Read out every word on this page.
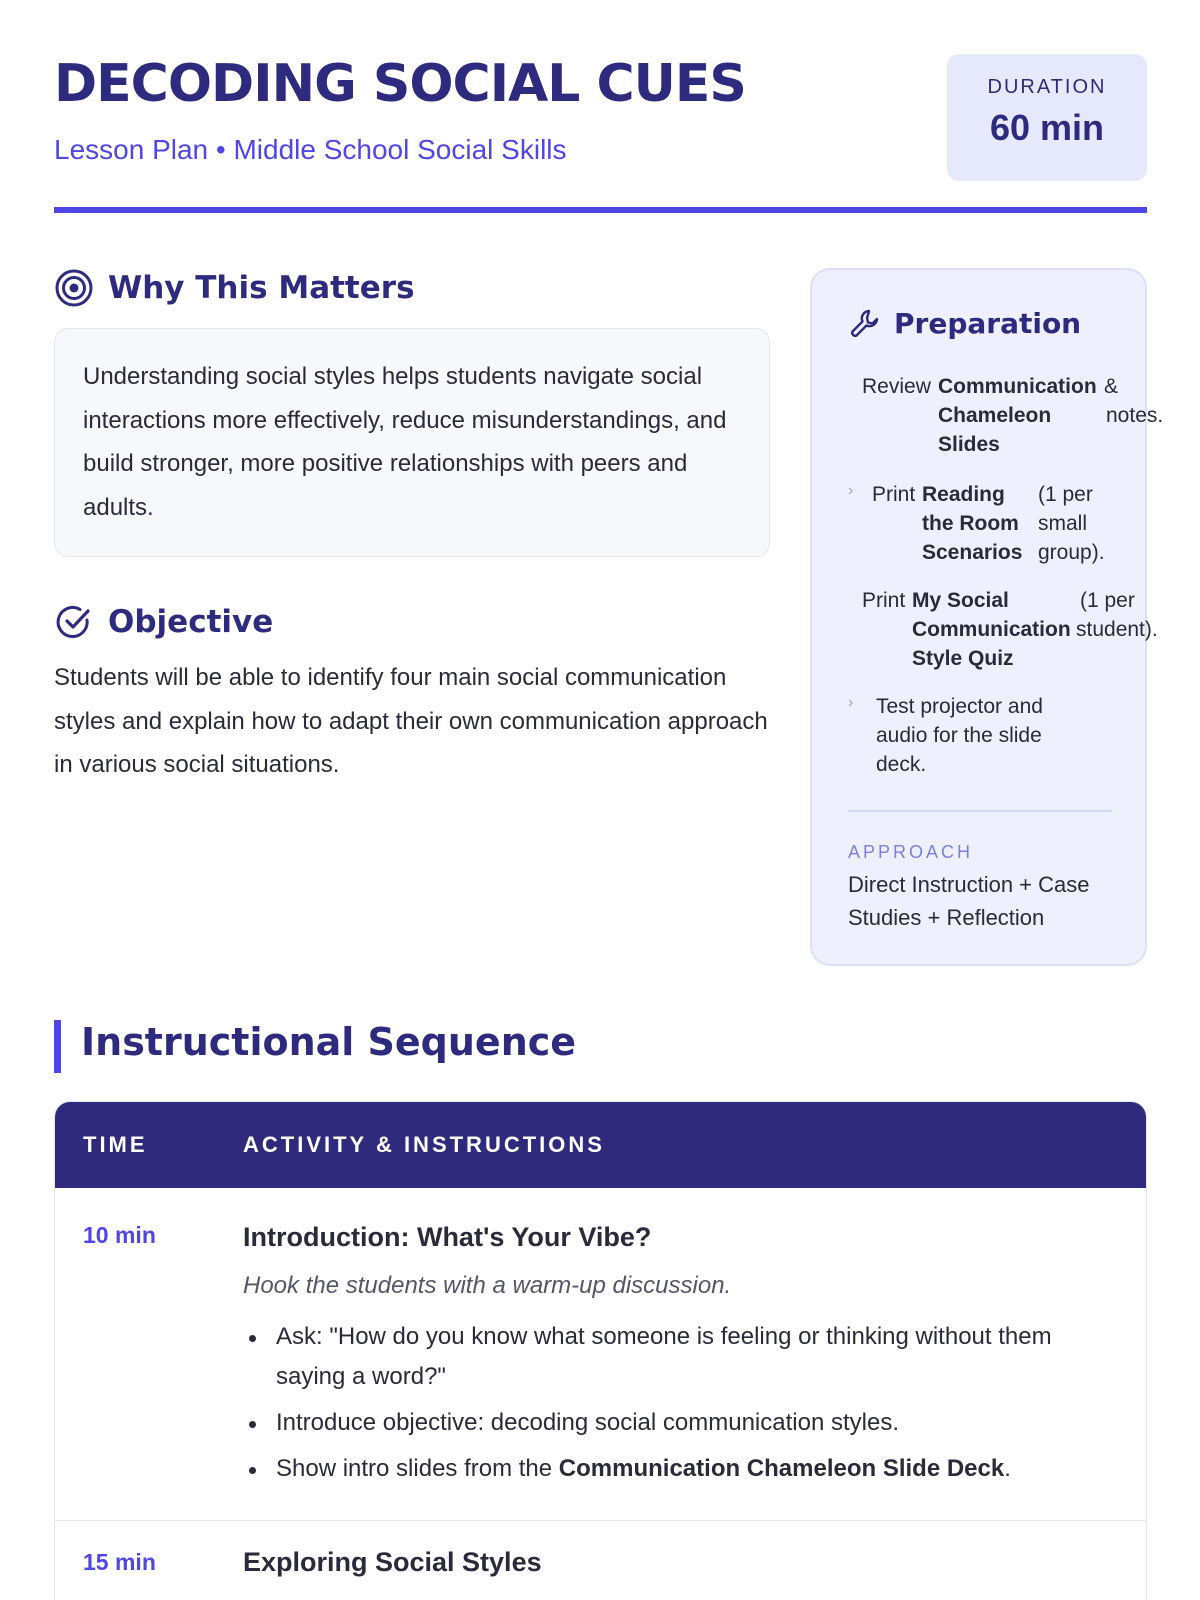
DECODING SOCIAL CUES
Lesson Plan • Middle School Social Skills
DURATION
60 min
Why This Matters
Understanding social styles helps students navigate social interactions more effectively, reduce misunderstandings, and build stronger, more positive relationships with peers and adults.
Objective
Students will be able to identify four main social communication styles and explain how to adapt their own communication approach in various social situations.
Preparation
Review Communication
Chameleon
Slides
&
notes.
› Print Reading
the Room
Scenarios
(1 per
small
group).
Print My Social
Communication
Style Quiz
(1 per
student).
› Test projector and
audio for the slide
deck.
APPROACH
Direct Instruction + Case Studies + Reflection
Instructional Sequence
TIME	ACTIVITY & INSTRUCTIONS
10 min	Introduction: What's Your Vibe?
Hook the students with a warm-up discussion.
Ask: "How do you know what someone is feeling or thinking without them saying a word?"
Introduce objective: decoding social communication styles.
Show intro slides from the Communication Chameleon Slide Deck.
15 min	Exploring Social Styles
